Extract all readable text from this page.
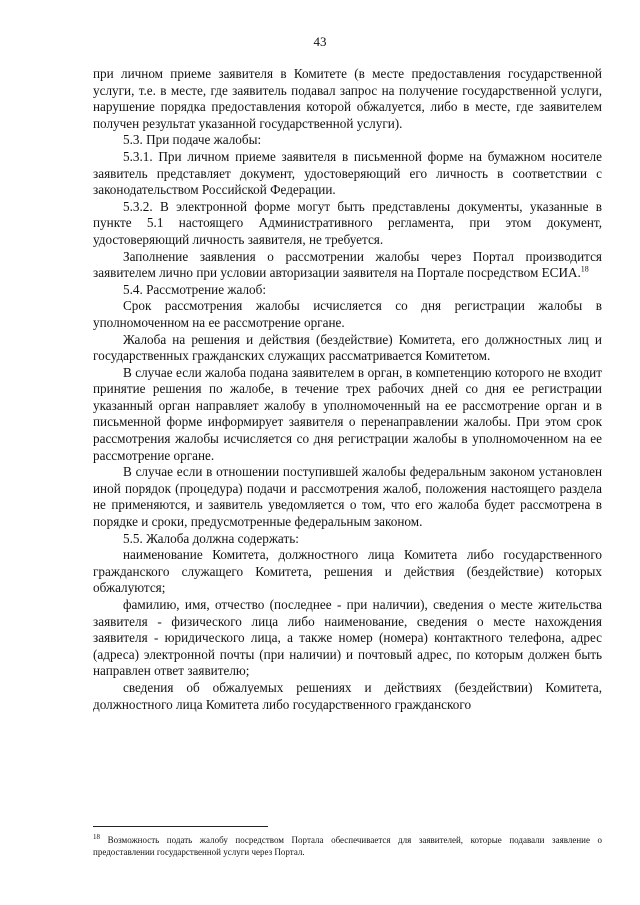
43

при личном приеме заявителя в Комитете (в месте предоставления государственной услуги, т.е. в месте, где заявитель подавал запрос на получение государственной услуги, нарушение порядка предоставления которой обжалуется, либо в месте, где заявителем получен результат указанной государственной услуги).

5.3. При подаче жалобы:

5.3.1. При личном приеме заявителя в письменной форме на бумажном носителе заявитель представляет документ, удостоверяющий его личность в соответствии с законодательством Российской Федерации.

5.3.2. В электронной форме могут быть представлены документы, указанные в пункте 5.1 настоящего Административного регламента, при этом документ, удостоверяющий личность заявителя, не требуется.

Заполнение заявления о рассмотрении жалобы через Портал производится заявителем лично при условии авторизации заявителя на Портале посредством ЕСИА.$^{18}$

5.4. Рассмотрение жалоб:

Срок рассмотрения жалобы исчисляется со дня регистрации жалобы в уполномоченном на ее рассмотрение органе.

Жалоба на решения и действия (бездействие) Комитета, его должностных лиц и государственных гражданских служащих рассматривается Комитетом.

В случае если жалоба подана заявителем в орган, в компетенцию которого не входит принятие решения по жалобе, в течение трех рабочих дней со дня ее регистрации указанный орган направляет жалобу в уполномоченный на ее рассмотрение орган и в письменной форме информирует заявителя о перенаправлении жалобы. При этом срок рассмотрения жалобы исчисляется со дня регистрации жалобы в уполномоченном на ее рассмотрение органе.

В случае если в отношении поступившей жалобы федеральным законом установлен иной порядок (процедура) подачи и рассмотрения жалоб, положения настоящего раздела не применяются, и заявитель уведомляется о том, что его жалоба будет рассмотрена в порядке и сроки, предусмотренные федеральным законом.

5.5. Жалоба должна содержать:

наименование Комитета, должностного лица Комитета либо государственного гражданского служащего Комитета, решения и действия (бездействие) которых обжалуются;

фамилию, имя, отчество (последнее - при наличии), сведения о месте жительства заявителя - физического лица либо наименование, сведения о месте нахождения заявителя - юридического лица, а также номер (номера) контактного телефона, адрес (адреса) электронной почты (при наличии) и почтовый адрес, по которым должен быть направлен ответ заявителю;

сведения об обжалуемых решениях и действиях (бездействии) Комитета, должностного лица Комитета либо государственного гражданского

$^{18}$ Возможность подать жалобу посредством Портала обеспечивается для заявителей, которые подавали заявление о предоставлении государственной услуги через Портал.
